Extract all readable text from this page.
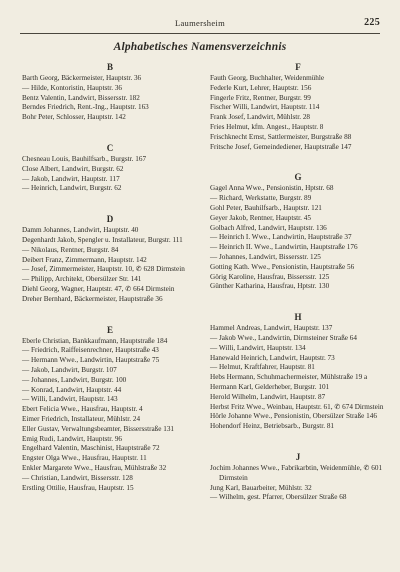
Laumersheim	225
Alphabetisches Namensverzeichnis
B
Barth Georg, Bäckermeister, Hauptstr. 36
— Hilde, Kontoristin, Hauptstr. 36
Bentz Valentin, Landwirt, Bissersstr. 182
Berndes Friedrich, Rent.-Ing., Hauptstr. 163
Bohr Peter, Schlosser, Hauptstr. 142
C
Chesneau Louis, Bauhilfsarb., Burgstr. 167
Close Albert, Landwirt, Burgstr. 62
— Jakob, Landwirt, Hauptstr. 117
— Heinrich, Landwirt, Burgstr. 62
D
Damm Johannes, Landwirt, Hauptstr. 40
Degenhardt Jakob, Spengler u. Installateur, Burgstr. 111
— Nikolaus, Rentner, Burgstr. 84
Deibert Franz, Zimmermann, Hauptstr. 142
— Josef, Zimmermeister, Hauptstr. 10, ✆ 628 Dirmstein
— Philipp, Architekt, Obersülzer Str. 141
Diehl Georg, Wagner, Hauptstr. 47, ✆ 664 Dirmstein
Dreher Bernhard, Bäckermeister, Hauptstraße 36
E
Eberle Christian, Bankkaufmann, Hauptstraße 184
— Friedrich, Raiffeisenrechner, Hauptstraße 43
— Hermann Wwe., Landwirtin, Hauptstraße 75
— Jakob, Landwirt, Burgstr. 107
— Johannes, Landwirt, Burgstr. 100
— Konrad, Landwirt, Hauptstr. 44
— Willi, Landwirt, Hauptstr. 143
Ebert Felicia Wwe., Hausfrau, Hauptstr. 4
Eimer Friedrich, Installateur, Mühlstr. 24
Eller Gustav, Verwaltungsbeamter, Bissersstraße 131
Emig Rudi, Landwirt, Hauptstr. 96
Engelhard Valentin, Maschinist, Hauptstraße 72
Engster Olga Wwe., Hausfrau, Hauptstr. 11
Enkler Margarete Wwe., Hausfrau, Mühlstraße 32
— Christian, Landwirt, Bissersstr. 128
Erstling Ottilie, Hausfrau, Hauptstr. 15
F
Fauth Georg, Buchhalter, Weidenmühle
Federle Kurt, Lehrer, Hauptstr. 156
Fingerle Fritz, Rentner, Burgstr. 99
Fischer Willi, Landwirt, Hauptstr. 114
Frank Josef, Landwirt, Mühlstr. 28
Fries Helmut, kfm. Angest., Hauptstr. 8
Frischknecht Ernst, Sattlermeister, Burgstraße 88
Fritsche Josef, Gemeindediener, Hauptstraße 147
G
Gagel Anna Wwe., Pensionistin, Hptstr. 68
— Richard, Werkstatte, Burgstr. 89
Gohl Peter, Bauhilfsarb., Hauptstr. 121
Geyer Jakob, Rentner, Hauptstr. 45
Golbach Alfred, Landwirt, Hauptstr. 136
— Heinrich I. Wwe., Landwirtin, Hauptstraße 37
— Heinrich II. Wwe., Landwirtin, Hauptstraße 176
— Johannes, Landwirt, Bissersstr. 125
Gotting Kath. Wwe., Pensionistin, Hauptstraße 56
Görig Karoline, Hausfrau, Bissersstr. 125
Günther Katharina, Hausfrau, Hptstr. 130
H
Hammel Andreas, Landwirt, Hauptstr. 137
— Jakob Wwe., Landwirtin, Dirmsteiner Straße 64
— Willi, Landwirt, Hauptstr. 134
Hanewald Heinrich, Landwirt, Hauptstr. 73
— Helmut, Kraftfahrer, Hauptstr. 81
Hebs Hermann, Schuhmachermeister, Mühlstraße 19 a
Hermann Karl, Gelderheber, Burgstr. 101
Herold Wilhelm, Landwirt, Hauptstr. 87
Herbst Fritz Wwe., Weinbau, Hauptstr. 61, ✆ 674 Dirmstein
Hörle Johanne Wwe., Pensionistin, Obersülzer Straße 146
Hohendorf Heinz, Betriebsarb., Burgstr. 81
J
Jochim Johannes Wwe., Fabrikarbtin, Weidenmühle, ✆ 601 Dirmstein
Jung Karl, Bauarbeiter, Mühlstr. 32
— Wilhelm, gest. Pfarrer, Obersülzer Straße 68
